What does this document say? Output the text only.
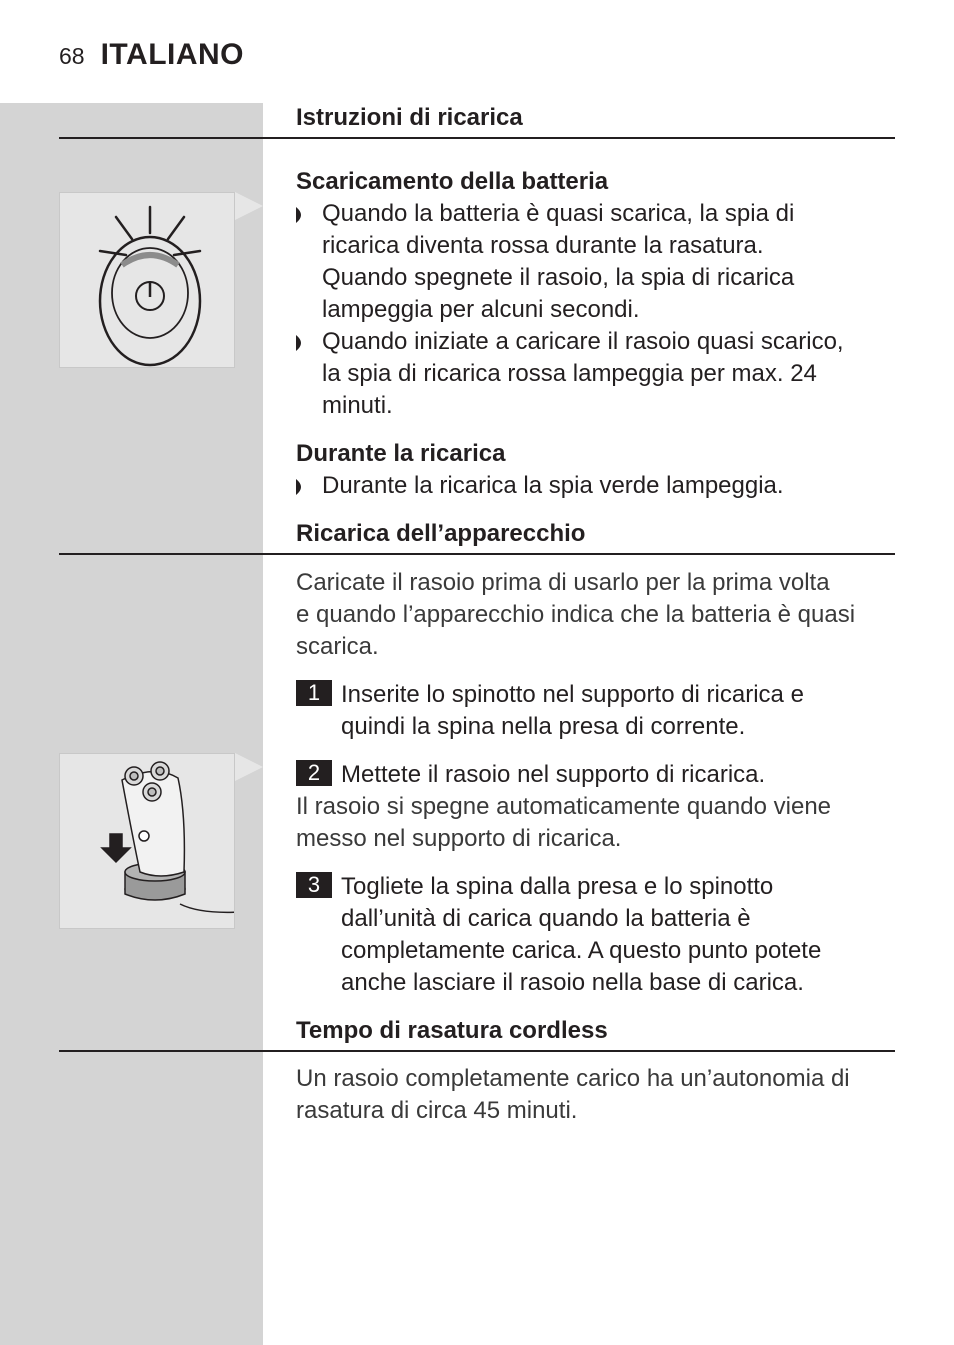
68 ITALIANO
Istruzioni di ricarica
Scaricamento della batteria
Quando la batteria è quasi scarica, la spia di
ricarica diventa rossa durante la rasatura.
Quando spegnete il rasoio, la spia di ricarica
lampeggia per alcuni secondi.
Quando iniziate a caricare il rasoio quasi scarico,
la spia di ricarica rossa lampeggia per max. 24
minuti.
Durante la ricarica
Durante la ricarica la spia verde lampeggia.
Ricarica dell’apparecchio
Caricate il rasoio prima di usarlo per la prima volta
e quando l’apparecchio indica che la batteria è quasi
scarica.
1 Inserite lo spinotto nel supporto di ricarica e
quindi la spina nella presa di corrente.
2 Mettete il rasoio nel supporto di ricarica.
Il rasoio si spegne automaticamente quando viene
messo nel supporto di ricarica.
3 Togliete la spina dalla presa e lo spinotto
dall’unità di carica quando la batteria è
completamente carica. A questo punto potete
anche lasciare il rasoio nella base di carica.
Tempo di rasatura cordless
Un rasoio completamente carico ha un’autonomia di
rasatura di circa 45 minuti.
